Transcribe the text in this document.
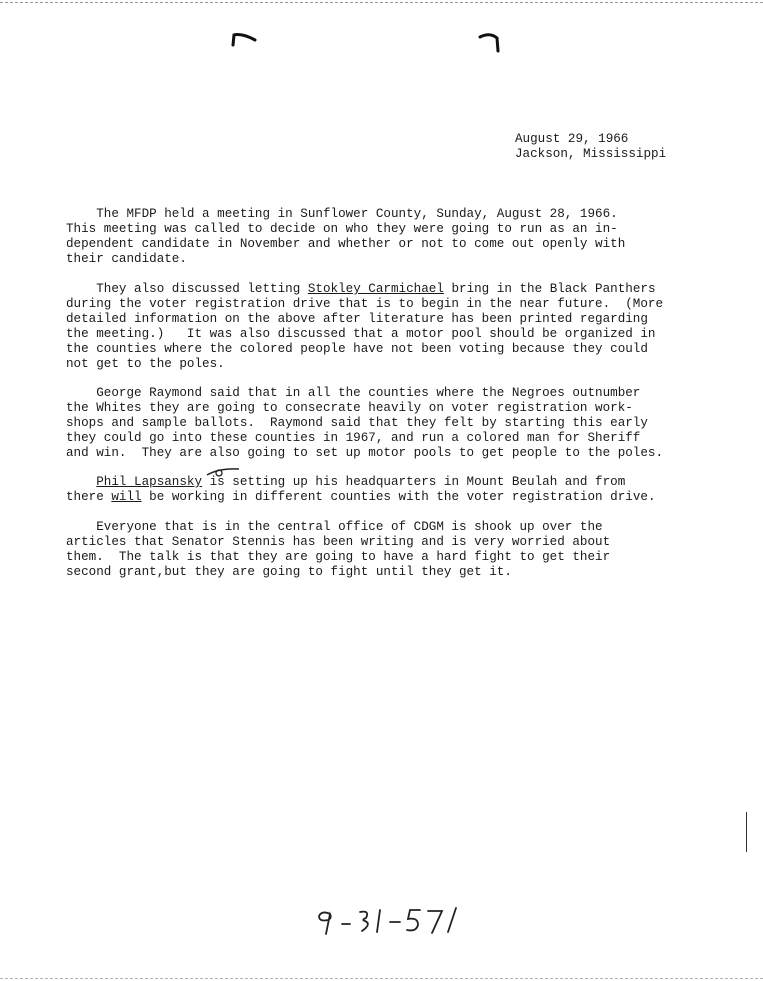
August 29, 1966
Jackson, Mississippi
The MFDP held a meeting in Sunflower County, Sunday, August 28, 1966.
This meeting was called to decide on who they were going to run as an in-
dependent candidate in November and whether or not to come out openly with
their candidate.
They also discussed letting Stokley Carmichael bring in the Black Panthers
during the voter registration drive that is to begin in the near future.  (More
detailed information on the above after literature has been printed regarding
the meeting.)   It was also discussed that a motor pool should be organized in
the counties where the colored people have not been voting because they could
not get to the poles.
George Raymond said that in all the counties where the Negroes outnumber
the Whites they are going to consecrate heavily on voter registration work-
shops and sample ballots.  Raymond said that they felt by starting this early
they could go into these counties in 1967, and run a colored man for Sheriff
and win.  They are also going to set up motor pools to get people to the poles.
Phil Lapsansky is setting up his headquarters in Mount Beulah and from
there will be working in different counties with the voter registration drive.
Everyone that is in the central office of CDGM is shook up over the
articles that Senator Stennis has been writing and is very worried about
them.  The talk is that they are going to have a hard fight to get their
second grant,but they are going to fight until they get it.
